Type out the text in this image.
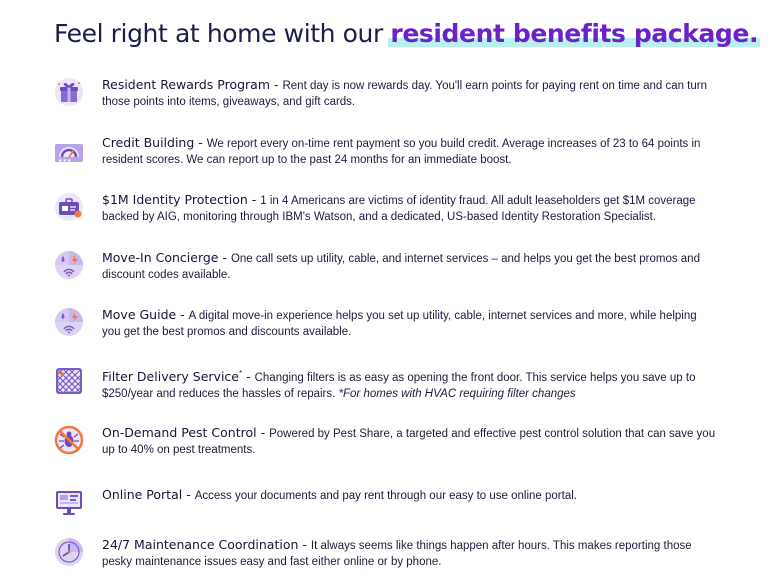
Feel right at home with our resident benefits package.
Resident Rewards Program - Rent day is now rewards day. You'll earn points for paying rent on time and can turn those points into items, giveaways, and gift cards.
★★★
Credit Building - We report every on-time rent payment so you build credit. Average increases of 23 to 64 points in resident scores. We can report up to the past 24 months for an immediate boost.
$1M Identity Protection - 1 in 4 Americans are victims of identity fraud. All adult leaseholders get $1M coverage backed by AIG, monitoring through IBM's Watson, and a dedicated, US-based Identity Restoration Specialist.
Move-In Concierge - One call sets up utility, cable, and internet services – and helps you get the best promos and discount codes available.
Move Guide - A digital move-in experience helps you set up utility, cable, internet services and more, while helping you get the best promos and discounts available.
Filter Delivery Service* - Changing filters is as easy as opening the front door. This service helps you save up to $250/year and reduces the hassles of repairs. *For homes with HVAC requiring filter changes
On-Demand Pest Control - Powered by Pest Share, a targeted and effective pest control solution that can save you up to 40% on pest treatments.
Online Portal - Access your documents and pay rent through our easy to use online portal.
24/7 Maintenance Coordination - It always seems like things happen after hours. This makes reporting those pesky maintenance issues easy and fast either online or by phone.
